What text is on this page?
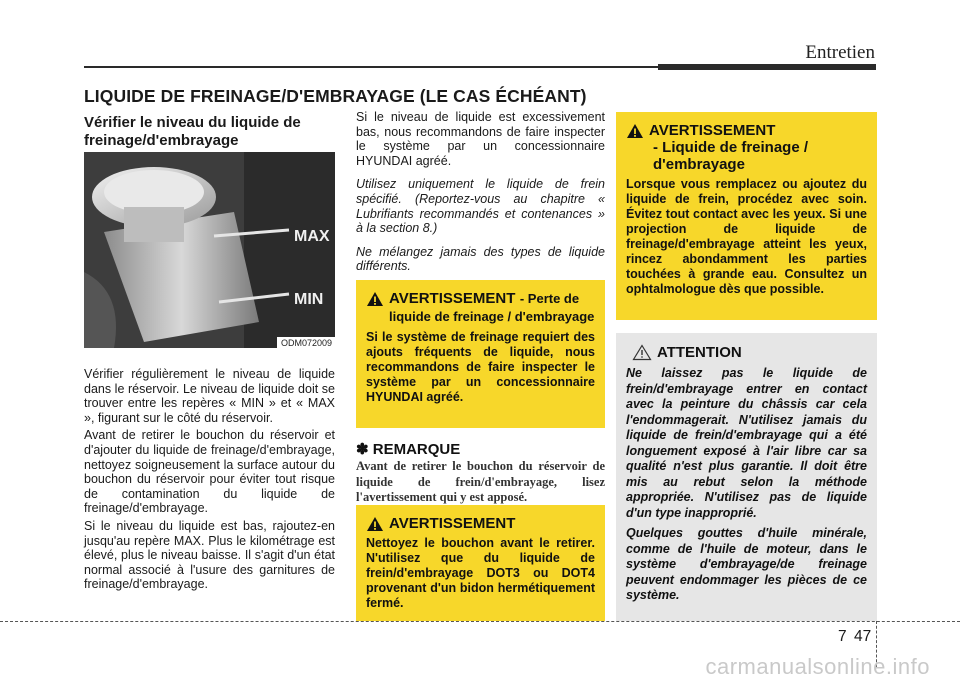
Entretien
LIQUIDE DE FREINAGE/D'EMBRAYAGE (LE CAS ÉCHÉANT)
Vérifier le niveau du liquide de freinage/d'embrayage
MAX
MIN
ODM072009

Vérifier régulièrement le niveau de liquide dans le réservoir. Le niveau de liquide doit se trouver entre les repères « MIN » et « MAX », figurant sur le côté du réservoir.

Avant de retirer le bouchon du réservoir et d'ajouter du liquide de freinage/d'embrayage, nettoyez soigneusement la surface autour du bouchon du réservoir pour éviter tout risque de contamination du liquide de freinage/d'embrayage.

Si le niveau du liquide est bas, rajoutez-en jusqu'au repère MAX. Plus le kilométrage est élevé, plus le niveau baisse. Il s'agit d'un état normal associé à l'usure des garnitures de freinage/d'embrayage.

Si le niveau de liquide est excessivement bas, nous recommandons de faire inspecter le système par un concessionnaire HYUNDAI agréé.

Utilisez uniquement le liquide de frein spécifié. (Reportez-vous au chapitre « Lubrifiants recommandés et contenances » à la section 8.)

Ne mélangez jamais des types de liquide différents.

AVERTISSEMENT - Perte de liquide de freinage / d'embrayage
Si le système de freinage requiert des ajouts fréquents de liquide, nous recommandons de faire inspecter le système par un concessionnaire HYUNDAI agréé.
✽ REMARQUE
Avant de retirer le bouchon du réservoir de liquide de frein/d'embrayage, lisez l'avertissement qui y est apposé.
AVERTISSEMENT
Nettoyez le bouchon avant le retirer. N'utilisez que du liquide de frein/d'embrayage DOT3 ou DOT4 provenant d'un bidon hermétiquement fermé.
AVERTISSEMENT
- Liquide de freinage / d'embrayage
Lorsque vous remplacez ou ajoutez du liquide de frein, procédez avec soin. Évitez tout contact avec les yeux. Si une projection de liquide de freinage/d'embrayage atteint les yeux, rincez abondamment les parties touchées à grande eau. Consultez un ophtalmologue dès que possible.
ATTENTION

Ne laissez pas le liquide de frein/d'embrayage entrer en contact avec la peinture du châssis car cela l'endommagerait. N'utilisez jamais du liquide de frein/d'embrayage qui a été longuement exposé à l'air libre car sa qualité n'est plus garantie. Il doit être mis au rebut selon la méthode appropriée. N'utilisez pas de liquide d'un type inapproprié.

Quelques gouttes d'huile minérale, comme de l'huile de moteur, dans le système d'embrayage/de freinage peuvent endommager les pièces de ce système.

7 47
carmanualsonline.info
